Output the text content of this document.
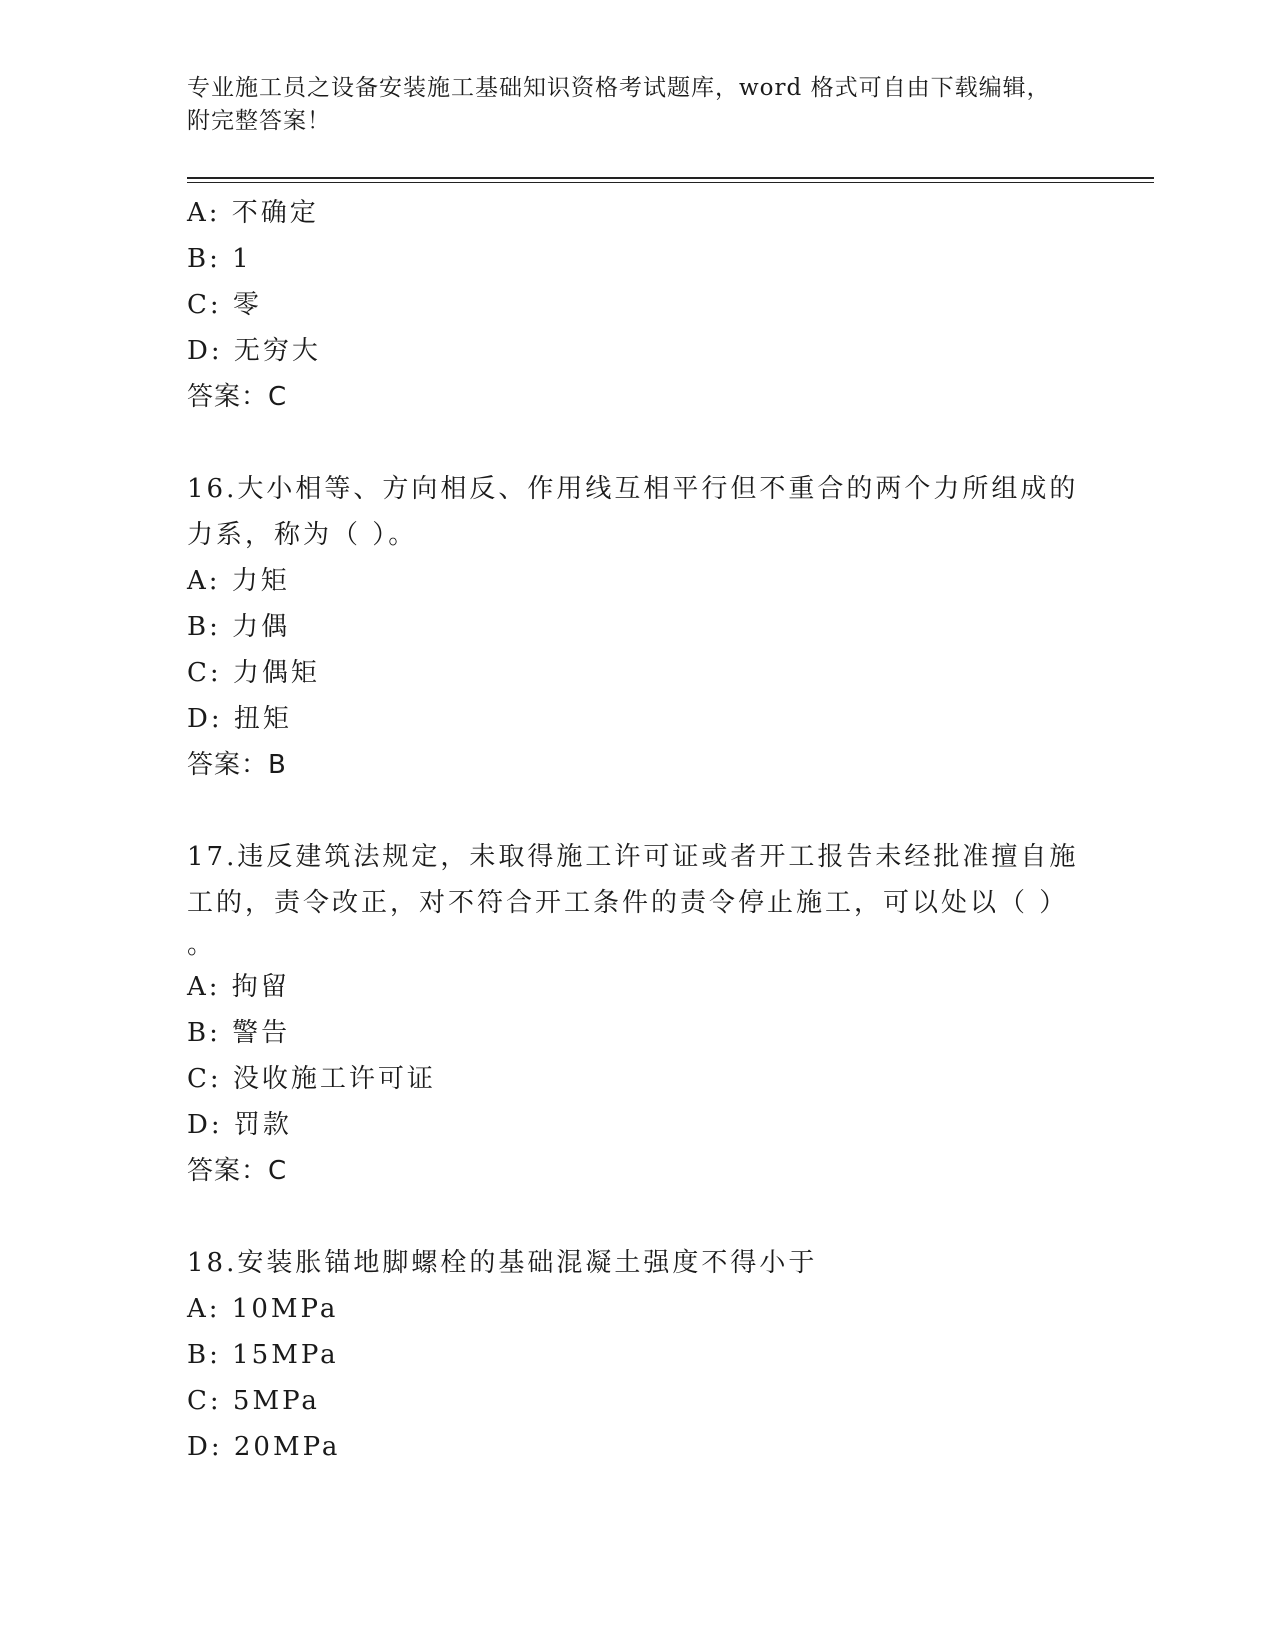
专业施工员之设备安装施工基础知识资格考试题库，word 格式可自由下载编辑，
附完整答案！
A: 不确定
B: 1
C: 零
D: 无穷大
答案：C
16.大小相等、方向相反、作用线互相平行但不重合的两个力所组成的
力系，称为（ ）。
A: 力矩
B: 力偶
C: 力偶矩
D: 扭矩
答案：B
17.违反建筑法规定，未取得施工许可证或者开工报告未经批准擅自施
工的，责令改正，对不符合开工条件的责令停止施工，可以处以（ ）
。
A: 拘留
B: 警告
C: 没收施工许可证
D: 罚款
答案：C
18.安装胀锚地脚螺栓的基础混凝土强度不得小于
A: 10MPa
B: 15MPa
C: 5MPa
D: 20MPa
